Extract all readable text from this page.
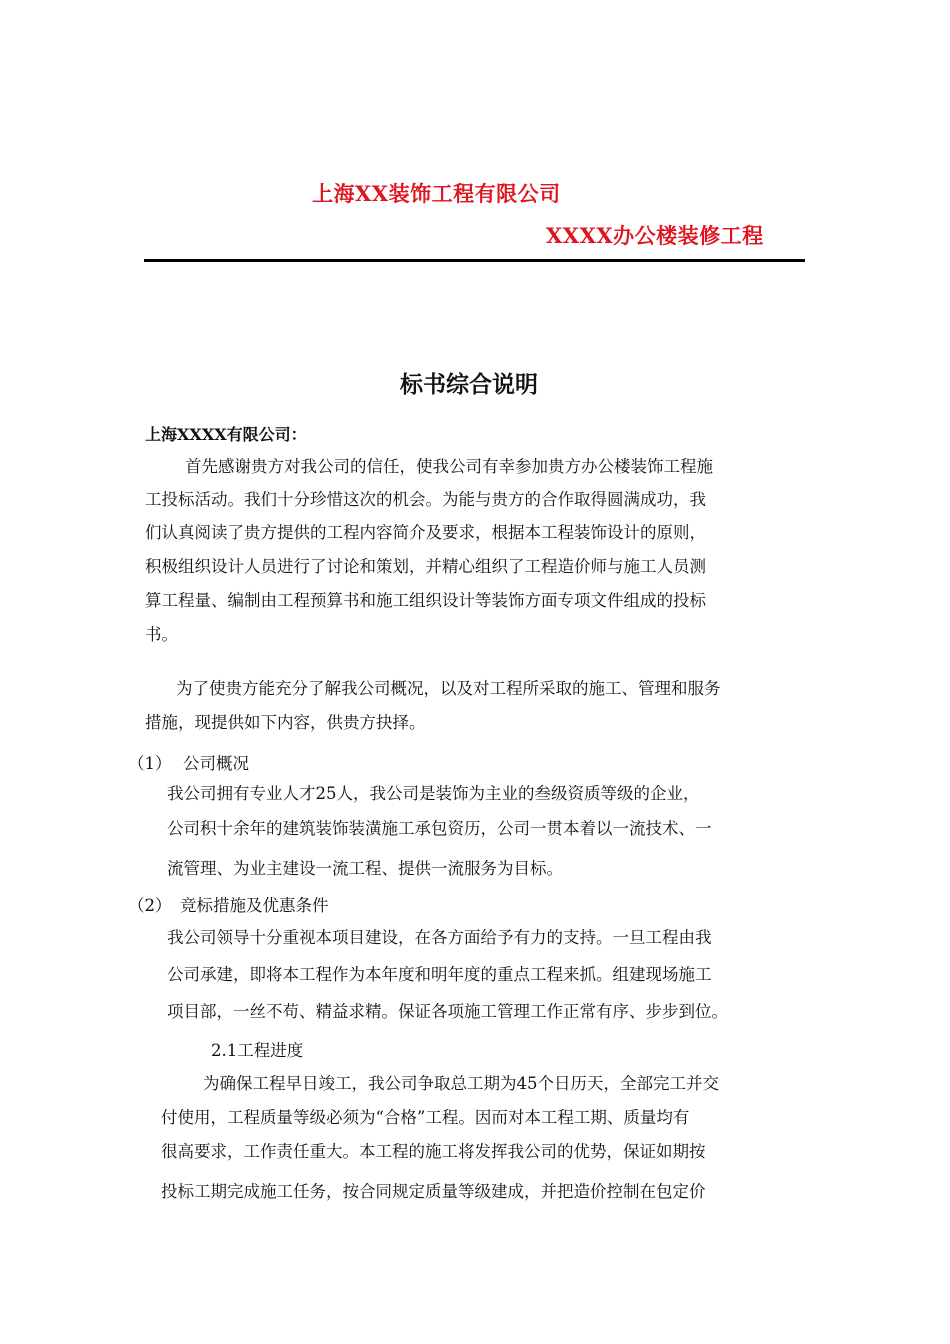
上海XX装饰工程有限公司
XXXX办公楼装修工程
标书综合说明
上海XXXX有限公司：
首先感谢贵方对我公司的信任，使我公司有幸参加贵方办公楼装饰工程施
工投标活动。我们十分珍惜这次的机会。为能与贵方的合作取得圆满成功，我
们认真阅读了贵方提供的工程内容简介及要求，根据本工程装饰设计的原则，
积极组织设计人员进行了讨论和策划，并精心组织了工程造价师与施工人员测
算工程量、编制由工程预算书和施工组织设计等装饰方面专项文件组成的投标
书。
为了使贵方能充分了解我公司概况，以及对工程所采取的施工、管理和服务
措施，现提供如下内容，供贵方抉择。
（1） 公司概况
我公司拥有专业人才25人，我公司是装饰为主业的叁级资质等级的企业，
公司积十余年的建筑装饰装潢施工承包资历，公司一贯本着以一流技术、一
流管理、为业主建设一流工程、提供一流服务为目标。
（2） 竞标措施及优惠条件
我公司领导十分重视本项目建设，在各方面给予有力的支持。一旦工程由我
公司承建，即将本工程作为本年度和明年度的重点工程来抓。组建现场施工
项目部，一丝不苟、精益求精。保证各项施工管理工作正常有序、步步到位。
2.1工程进度
为确保工程早日竣工，我公司争取总工期为45个日历天，全部完工并交
付使用，工程质量等级必须为“合格”工程。因而对本工程工期、质量均有
很高要求，工作责任重大。本工程的施工将发挥我公司的优势，保证如期按
投标工期完成施工任务，按合同规定质量等级建成，并把造价控制在包定价
